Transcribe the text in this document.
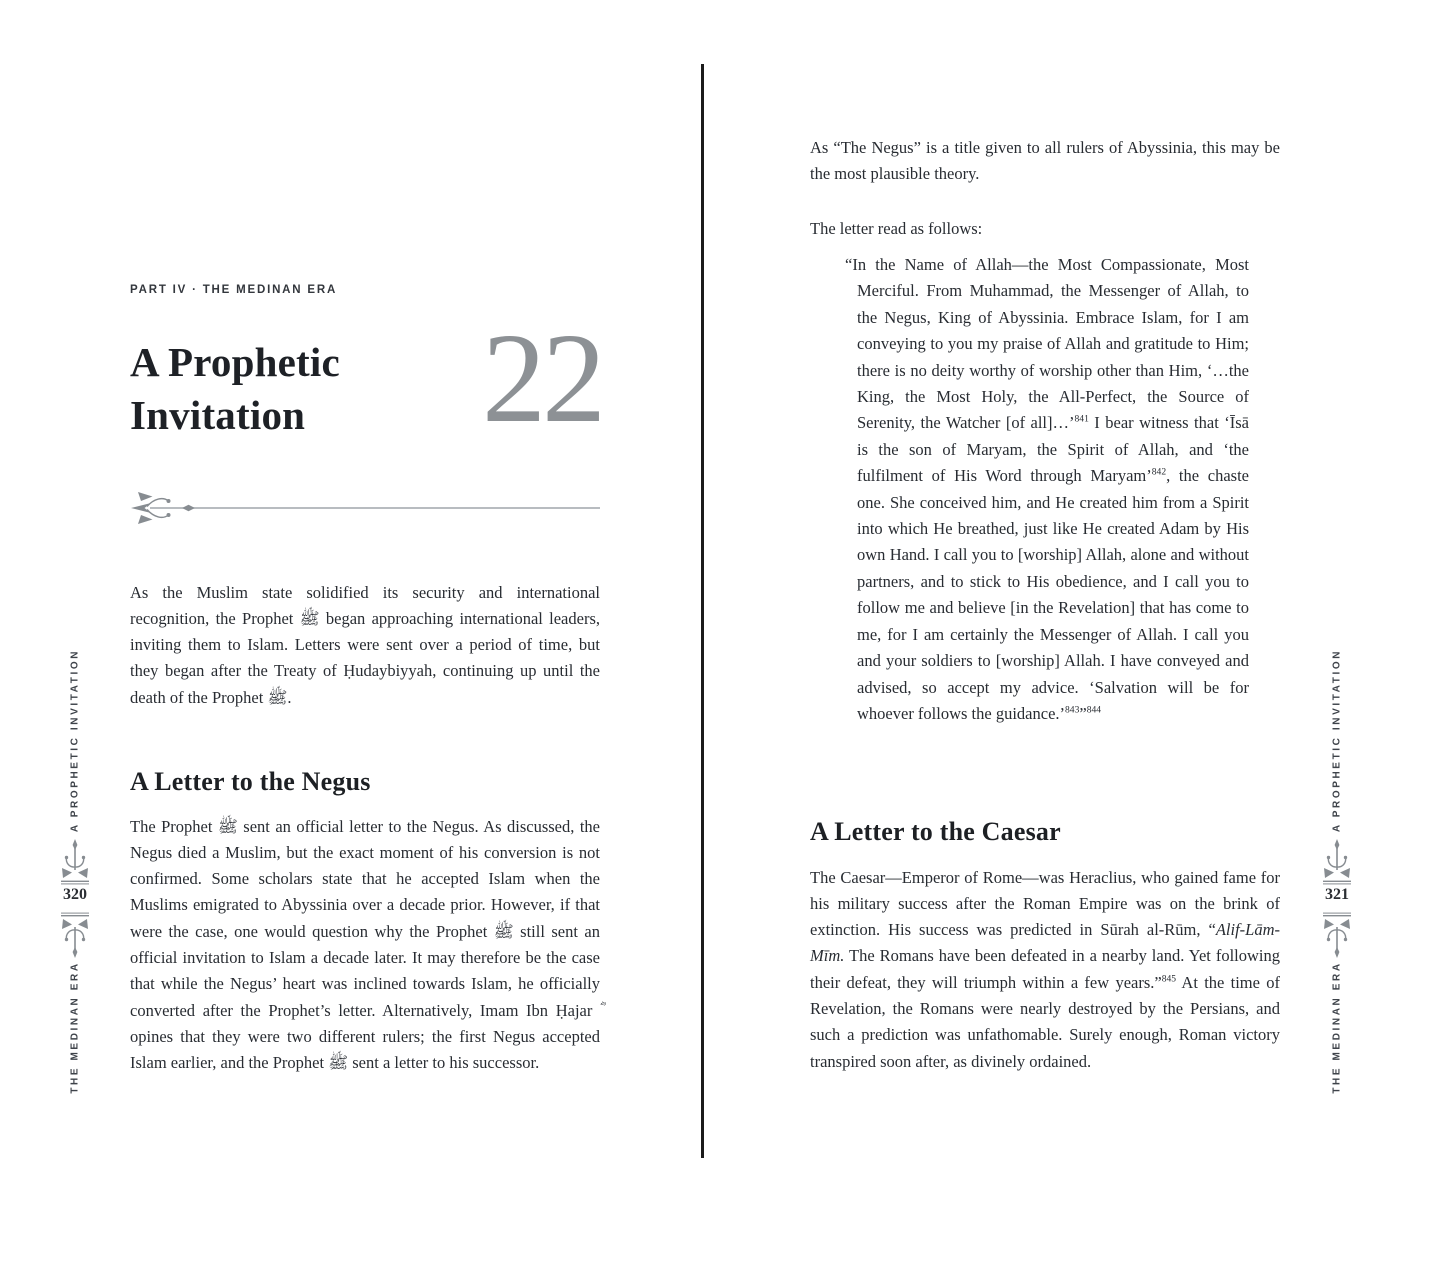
PART IV · THE MEDINAN ERA
A Prophetic
Invitation	22

As the Muslim state solidified its security and international recognition, the Prophet ﷺ began approaching international leaders, inviting them to Islam. Letters were sent over a period of time, but they began after the Treaty of Ḥudaybiyyah, continuing up until the death of the Prophet ﷺ.

A Letter to the Negus

The Prophet ﷺ sent an official letter to the Negus. As discussed, the Negus died a Muslim, but the exact moment of his conversion is not confirmed. Some scholars state that he accepted Islam when the Muslims emigrated to Abyssinia over a decade prior. However, if that were the case, one would question why the Prophet ﷺ still sent an official invitation to Islam a decade later. It may therefore be the case that while the Negus’ heart was inclined towards Islam, he officially converted after the Prophet’s letter. Alternatively, Imam Ibn Ḥajar ؓ opines that they were two different rulers; the first Negus accepted Islam earlier, and the Prophet ﷺ sent a letter to his successor.

A PROPHETIC INVITATION
320
THE MEDINAN ERA

As “The Negus” is a title given to all rulers of Abyssinia, this may be the most plausible theory.

The letter read as follows:

“In the Name of Allah—the Most Compassionate, Most Merciful. From Muhammad, the Messenger of Allah, to the Negus, King of Abyssinia. Embrace Islam, for I am conveying to you my praise of Allah and gratitude to Him; there is no deity worthy of worship other than Him, ‘…the King, the Most Holy, the All-Perfect, the Source of Serenity, the Watcher [of all]…’$^{841}$ I bear witness that ‘Īsā is the son of Maryam, the Spirit of Allah, and ‘the fulfilment of His Word through Maryam’$^{842}$, the chaste one. She conceived him, and He created him from a Spirit into which He breathed, just like He created Adam by His own Hand. I call you to [worship] Allah, alone and without partners, and to stick to His obedience, and I call you to follow me and believe [in the Revelation] that has come to me, for I am certainly the Messenger of Allah. I call you and your soldiers to [worship] Allah. I have conveyed and advised, so accept my advice. ‘Salvation will be for whoever follows the guidance.’$^{843}$”$^{844}$
A Letter to the Caesar

The Caesar—Emperor of Rome—was Heraclius, who gained fame for his military success after the Roman Empire was on the brink of extinction. His success was predicted in Sūrah al-Rūm, “Alif-Lām-Mīm. The Romans have been defeated in a nearby land. Yet following their defeat, they will triumph within a few years.”$^{845}$ At the time of Revelation, the Romans were nearly destroyed by the Persians, and such a prediction was unfathomable. Surely enough, Roman victory transpired soon after, as divinely ordained.

A PROPHETIC INVITATION
321
THE MEDINAN ERA
